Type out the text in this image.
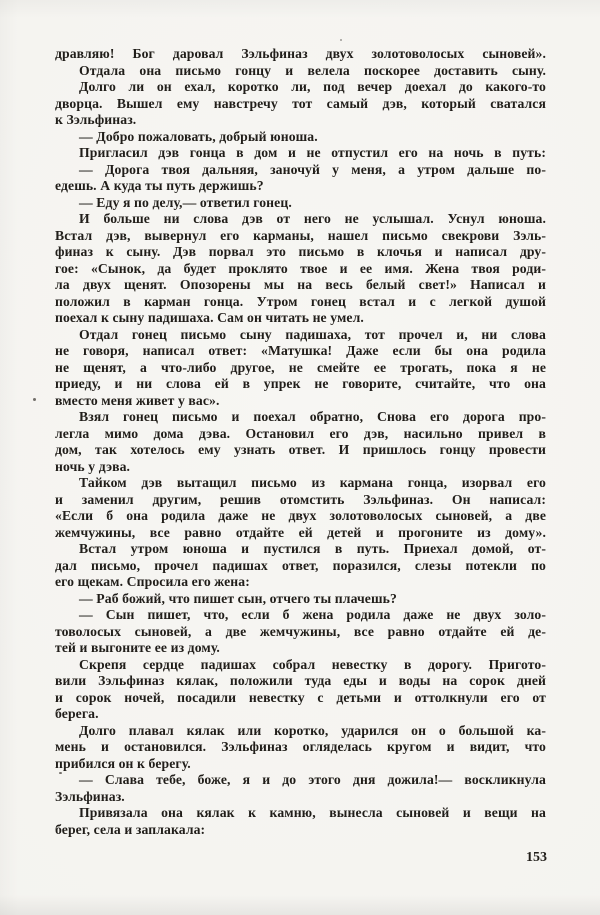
дравляю! Бог даровал Зэльфиназ двух золотоволосых сыновей».
Отдала она письмо гонцу и велела поскорее доставить сыну.
Долго ли он ехал, коротко ли, под вечер доехал до какого-то
дворца. Вышел ему навстречу тот самый дэв, который сватался
к Зэльфиназ.
— Добро пожаловать, добрый юноша.
Пригласил дэв гонца в дом и не отпустил его на ночь в путь:
— Дорога твоя дальняя, заночуй у меня, а утром дальше по-
едешь. А куда ты путь держишь?
— Еду я по делу,— ответил гонец.
И больше ни слова дэв от него не услышал. Уснул юноша.
Встал дэв, вывернул его карманы, нашел письмо свекрови Зэль-
финаз к сыну. Дэв порвал это письмо в клочья и написал дру-
гое: «Сынок, да будет проклято твое и ее имя. Жена твоя роди-
ла двух щенят. Опозорены мы на весь белый свет!» Написал и
положил в карман гонца. Утром гонец встал и с легкой душой
поехал к сыну падишаха. Сам он читать не умел.
Отдал гонец письмо сыну падишаха, тот прочел и, ни слова
не говоря, написал ответ: «Матушка! Даже если бы она родила
не щенят, а что-либо другое, не смейте ее трогать, пока я не
приеду, и ни слова ей в упрек не говорите, считайте, что она
вместо меня живет у вас».
Взял гонец письмо и поехал обратно, Снова его дорога про-
легла мимо дома дэва. Остановил его дэв, насильно привел в
дом, так хотелось ему узнать ответ. И пришлось гонцу провести
ночь у дэва.
Тайком дэв вытащил письмо из кармана гонца, изорвал его
и заменил другим, решив отомстить Зэльфиназ. Он написал:
«Если б она родила даже не двух золотоволосых сыновей, а две
жемчужины, все равно отдайте ей детей и прогоните из дому».
Встал утром юноша и пустился в путь. Приехал домой, от-
дал письмо, прочел падишах ответ, поразился, слезы потекли по
его щекам. Спросила его жена:
— Раб божий, что пишет сын, отчего ты плачешь?
— Сын пишет, что, если б жена родила даже не двух золо-
товолосых сыновей, а две жемчужины, все равно отдайте ей де-
тей и выгоните ее из дому.
Скрепя сердце падишах собрал невестку в дорогу. Пригото-
вили Зэльфиназ кялак, положили туда еды и воды на сорок дней
и сорок ночей, посадили невестку с детьми и оттолкнули его от
берега.
Долго плавал кялак или коротко, ударился он о большой ка-
мень и остановился. Зэльфиназ огляделась кругом и видит, что
прибился он к берегу.
— Слава тебе, боже, я и до этого дня дожила!— воскликнула
Зэльфиназ.
Привязала она кялак к камню, вынесла сыновей и вещи на
берег, села и заплакала:
153
